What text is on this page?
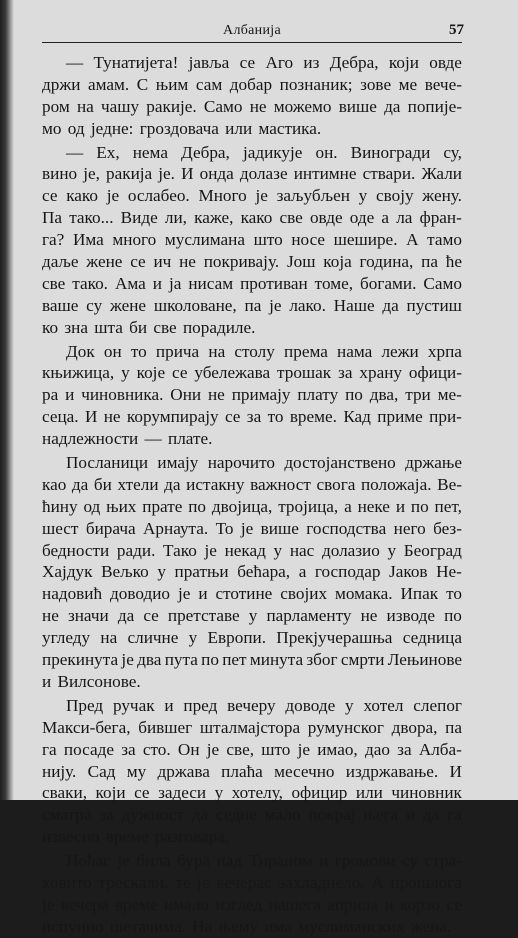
Албанија	57
— Тунатијета! јавља се Аго из Дебра, који овде
држи амам. С њим сам добар познаник; зове ме вече-
ром на чашу ракије. Само не можемо више да попије-
мо од једне: гроздовача или мастика.
— Ех, нема Дебра, јадикује он. Виногради су,
вино је, ракија је. И онда долазе интимне ствари. Жали
се како је ослабео. Много је заљубљен у своју жену.
Па тако... Виде ли, каже, како све овде оде а ла фран-
га? Има много муслимана што носе шешире. А тамо
даље жене се ич не покривају. Још која година, па ће
све тако. Ама и ја нисам противан томе, богами. Само
ваше су жене школоване, па је лако. Наше да пустиш
ко зна шта би све порадиле.
Док он то прича на столу према нама лежи хрпа
књижица, у које се убележава трошак за храну офици-
ра и чиновника. Они не примају плату по два, три ме-
сеца. И не корумпирају се за то време. Кад приме при-
надлежности — плате.
Посланици имају нарочито достојанствено држање
као да би хтели да истакну важност свога положаја. Ве-
ћину од њих прате по двојица, тројица, а неке и по пет,
шест бирача Арнаута. То је више господства него без-
бедности ради. Тако је некад у нас долазио у Београд
Хајдук Вељко у пратњи бећара, а господар Јаков Не-
надовић доводио је и стотине својих момака. Ипак то
не значи да се претставе у парламенту не изводе по
угледу на сличне у Европи. Прекјучерашња седница
прекинута је два пута по пет минута због смрти Лењинове
и Вилсонове.
Пред ручак и пред вечеру доводе у хотел слепог
Макси-бега, бившег шталмајстора румунског двора, па
га посаде за сто. Он је све, што је имао, дао за Алба-
нију. Сад му држава плаћа месечно издржавање. И
сваки, који се задеси у хотелу, официр или чиновник
сматра за дужност да седне мало покрај њега и да га
извесно време разговара.
Ноћас је била бура над Тираном и громови су стра-
ховито трескали, те је вечерас захладнело. А прошлога
је вечера време имало изглед нашега априла и корзо се
испунио шетачима. На њему има муслиманских жена.
